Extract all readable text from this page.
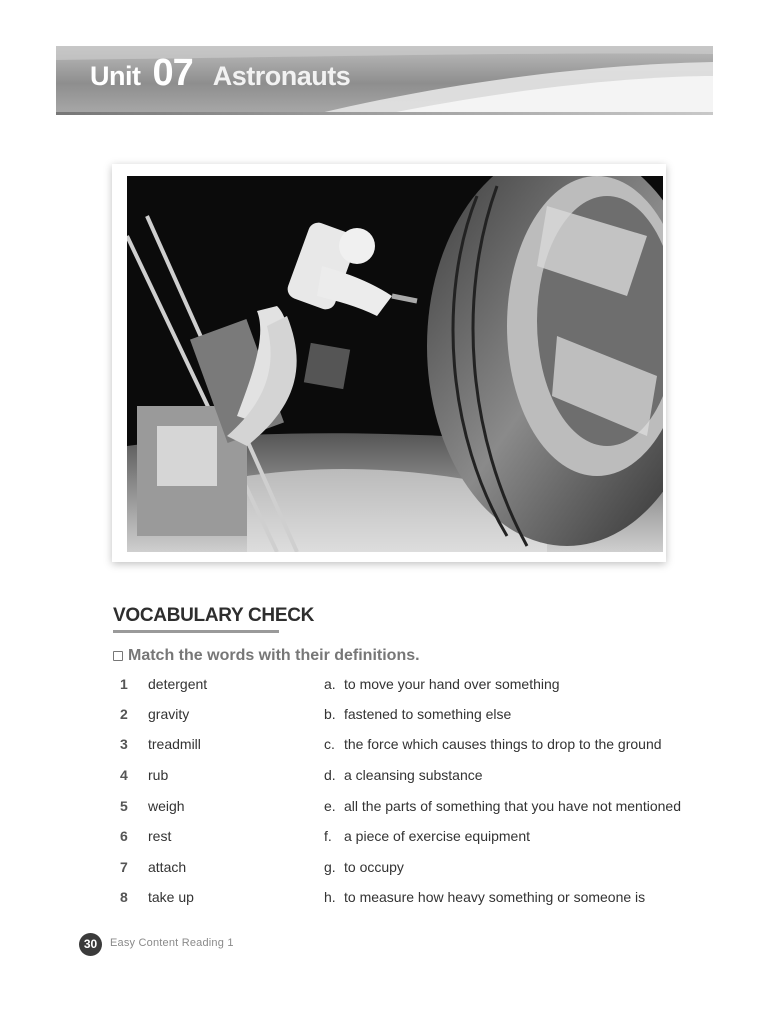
Unit 07 Astronauts
VOCABULARY CHECK
Match the words with their definitions.
1	detergent	a. to move your hand over something
2	gravity	b. fastened to something else
3	treadmill	c. the force which causes things to drop to the ground
4	rub	d. a cleansing substance
5	weigh	e. all the parts of something that you have not mentioned
6	rest	f. a piece of exercise equipment
7	attach	g. to occupy
8	take up	h. to measure how heavy something or someone is
30	Easy Content Reading 1
